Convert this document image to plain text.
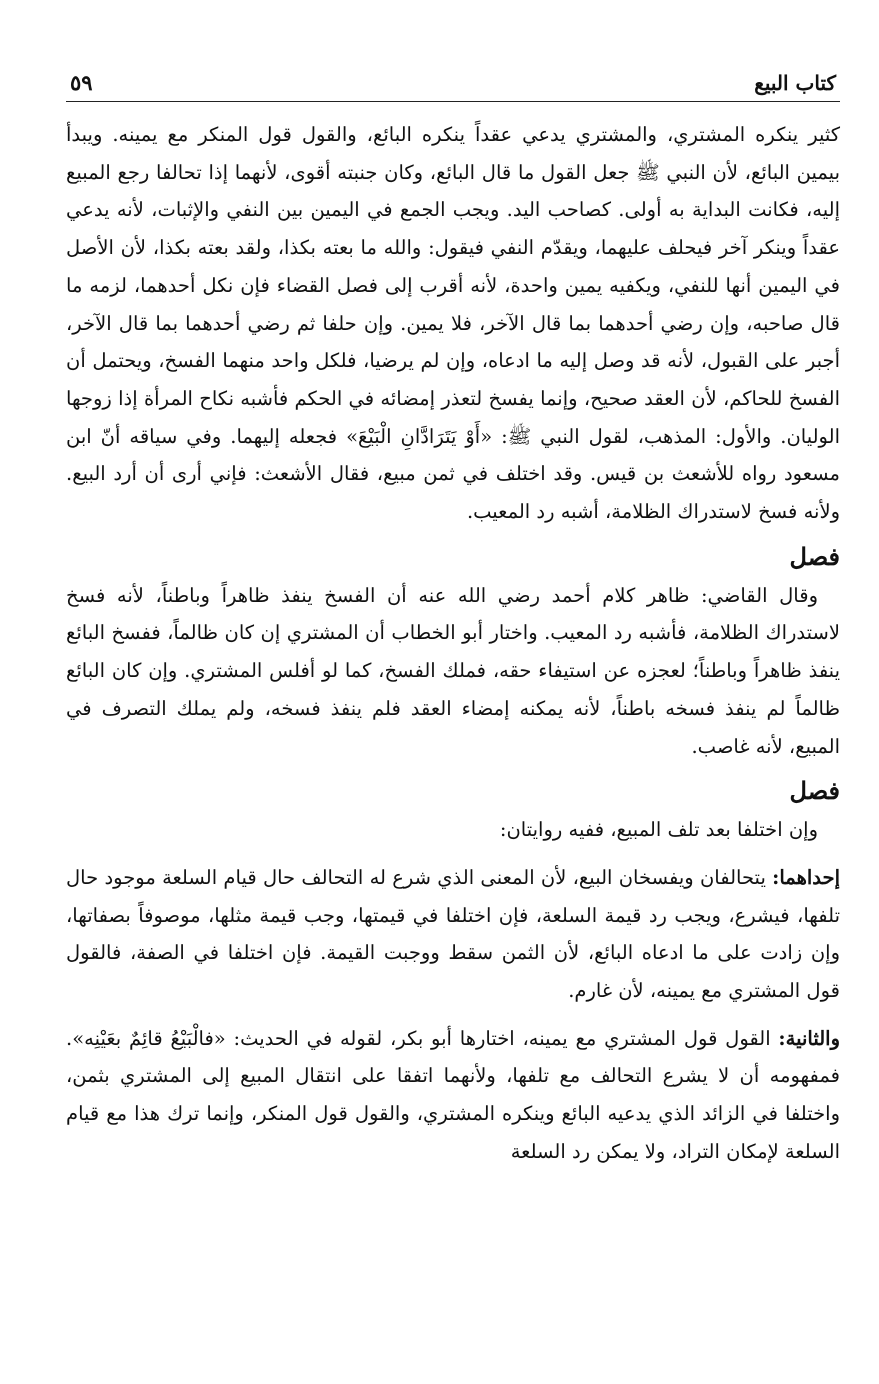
كتاب البيع
٥٩

كثير ينكره المشتري، والمشتري يدعي عقداً ينكره البائع، والقول قول المنكر مع يمينه. ويبدأ بيمين البائع، لأن النبي ﷺ جعل القول ما قال البائع، وكان جنبته أقوى، لأنهما إذا تحالفا رجع المبيع إليه، فكانت البداية به أولى. كصاحب اليد. ويجب الجمع في اليمين بين النفي والإثبات، لأنه يدعي عقداً وينكر آخر فيحلف عليهما، ويقدّم النفي فيقول: والله ما بعته بكذا، ولقد بعته بكذا، لأن الأصل في اليمين أنها للنفي، ويكفيه يمين واحدة، لأنه أقرب إلى فصل القضاء فإن نكل أحدهما، لزمه ما قال صاحبه، وإن رضي أحدهما بما قال الآخر، فلا يمين. وإن حلفا ثم رضي أحدهما بما قال الآخر، أجبر على القبول، لأنه قد وصل إليه ما ادعاه، وإن لم يرضيا، فلكل واحد منهما الفسخ، ويحتمل أن الفسخ للحاكم، لأن العقد صحيح، وإنما يفسخ لتعذر إمضائه في الحكم فأشبه نكاح المرأة إذا زوجها الوليان. والأول: المذهب، لقول النبي ﷺ: «أَوْ يَتَرَادَّانِ الْبَيْعَ» فجعله إليهما. وفي سياقه أنّ ابن مسعود رواه للأشعث بن قيس. وقد اختلف في ثمن مبيع، فقال الأشعث: فإني أرى أن أرد البيع. ولأنه فسخ لاستدراك الظلامة، أشبه رد المعيب.

فصل

وقال القاضي: ظاهر كلام أحمد رضي الله عنه أن الفسخ ينفذ ظاهراً وباطناً، لأنه فسخ لاستدراك الظلامة، فأشبه رد المعيب. واختار أبو الخطاب أن المشتري إن كان ظالماً، ففسخ البائع ينفذ ظاهراً وباطناً؛ لعجزه عن استيفاء حقه، فملك الفسخ، كما لو أفلس المشتري. وإن كان البائع ظالماً لم ينفذ فسخه باطناً، لأنه يمكنه إمضاء العقد فلم ينفذ فسخه، ولم يملك التصرف في المبيع، لأنه غاصب.

فصل

وإن اختلفا بعد تلف المبيع، ففيه روايتان:

إحداهما: يتحالفان ويفسخان البيع، لأن المعنى الذي شرع له التحالف حال قيام السلعة موجود حال تلفها، فيشرع، ويجب رد قيمة السلعة، فإن اختلفا في قيمتها، وجب قيمة مثلها، موصوفاً بصفاتها، وإن زادت على ما ادعاه البائع، لأن الثمن سقط ووجبت القيمة. فإن اختلفا في الصفة، فالقول قول المشتري مع يمينه، لأن غارم.

والثانية: القول قول المشتري مع يمينه، اختارها أبو بكر، لقوله في الحديث: «فالْبَيْعُ قائِمٌ بعَيْنِه». فمفهومه أن لا يشرع التحالف مع تلفها، ولأنهما اتفقا على انتقال المبيع إلى المشتري بثمن، واختلفا في الزائد الذي يدعيه البائع وينكره المشتري، والقول قول المنكر، وإنما ترك هذا مع قيام السلعة لإمكان التراد، ولا يمكن رد السلعة
